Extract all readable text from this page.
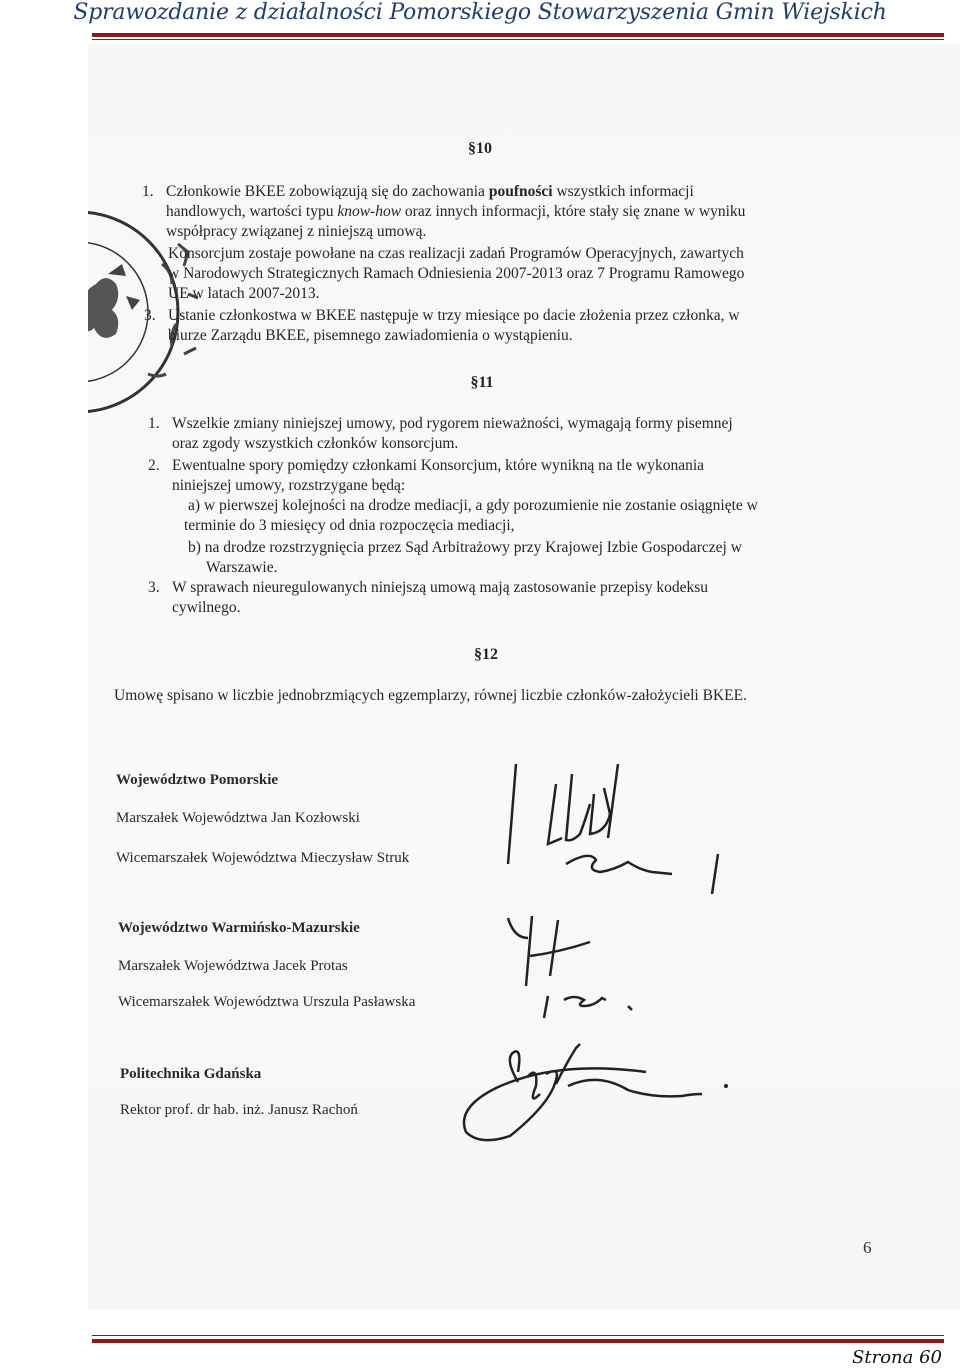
Sprawozdanie z działalności Pomorskiego Stowarzyszenia Gmin Wiejskich
§10
1. Członkowie BKEE zobowiązują się do zachowania poufności wszystkich informacji
handlowych, wartości typu know-how oraz innych informacji, które stały się znane w wyniku
współpracy związanej z niniejszą umową.
Konsorcjum zostaje powołane na czas realizacji zadań Programów Operacyjnych, zawartych
w Narodowych Strategicznych Ramach Odniesienia 2007-2013 oraz 7 Programu Ramowego
UE w latach 2007-2013.
3. Ustanie członkostwa w BKEE następuje w trzy miesiące po dacie złożenia przez członka, w
biurze Zarządu BKEE, pisemnego zawiadomienia o wystąpieniu.
§11
1. Wszelkie zmiany niniejszej umowy, pod rygorem nieważności, wymagają formy pisemnej
oraz zgody wszystkich członków konsorcjum.
2. Ewentualne spory pomiędzy członkami Konsorcjum, które wynikną na tle wykonania
niniejszej umowy, rozstrzygane będą:
a) w pierwszej kolejności na drodze mediacji, a gdy porozumienie nie zostanie osiągnięte w
terminie do 3 miesięcy od dnia rozpoczęcia mediacji,
b) na drodze rozstrzygnięcia przez Sąd Arbitrażowy przy Krajowej Izbie Gospodarczej w
Warszawie.
3. W sprawach nieuregulowanych niniejszą umową mają zastosowanie przepisy kodeksu
cywilnego.
§12
Umowę spisano w liczbie jednobrzmiących egzemplarzy, równej liczbie członków-założycieli BKEE.
Województwo Pomorskie
Marszałek Województwa Jan Kozłowski
Wicemarszałek Województwa Mieczysław Struk
Województwo Warmińsko-Mazurskie
Marszałek Województwa Jacek Protas
Wicemarszałek Województwa Urszula Pasławska
Politechnika Gdańska
Rektor prof. dr hab. inż. Janusz Rachoń
6
Strona 60
